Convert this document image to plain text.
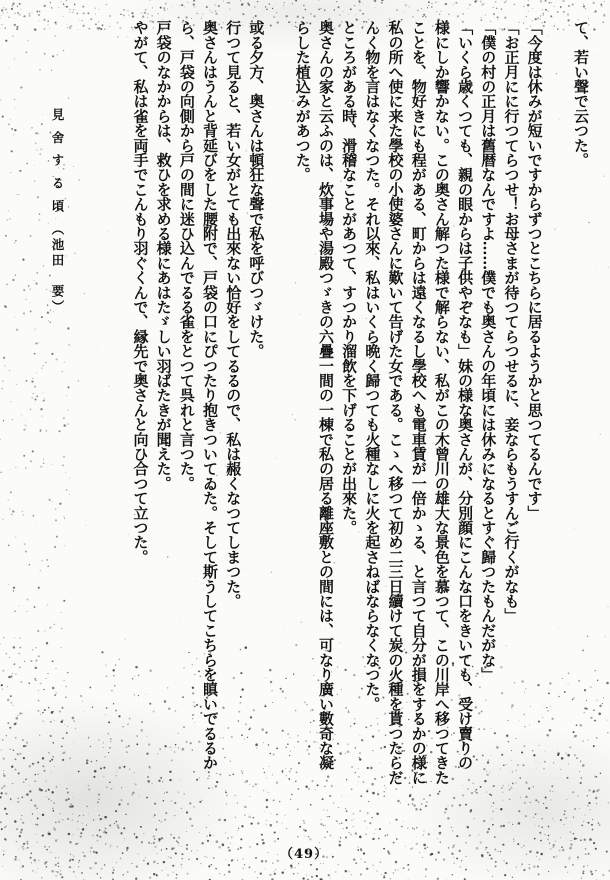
て、若い聲で云つた。
「今度は休みが短いですからずつとこちらに居るようかと思つてるんです」
「お正月にに行つてらつせ！お母さまが待つてらつせるに、妾ならもうすんご行くがなも」
「僕の村の正月は舊暦なんですよ……僕でも奥さんの年頃には休みになるとすぐ歸つたもんだがな」
「いくら歳くつても、親の眼からは子供やぞなも」妹の様な奥さんが、分別顔にこんな口をきいても、受け賣りの
様にしか響かない。この奥さん解つた様で解らない、私がこの木曾川の雄大な景色を慕つて、この川岸へ移つてきた
ことを、物好きにも程がある、町からは遠くなるし學校へも電車賃が一倍かゝる、と言つて自分が損をするかの様に
私の所へ使に来た學校の小使婆さんに歎いて告げた女である。こゝへ移つて初め二三日續けて炭の火種を貰つたらだ
んく物を言はなくなつた。それ以來、私はいくら晩く歸つても火種なしに火を起さねばならなくなつた。
ところがある時、滑稽なことがあつて、すつかり溜飲を下げることが出來た。
奥さんの家と云ふのは、炊事場や湯殿つゞきの六疊一間の一棟で私の居る離座敷との間には、可なり廣い數奇な凝
らした植込みがあつた。
或る夕方、奥さんは頓狂な聲で私を呼びつゞけた。
行つて見ると、若い女がとても出來ない恰好をしてるるので、私は赧くなつてしまつた。
奥さんはうんと背延びをした腰附で、戸袋の口にぴつたり抱きついてゐた。そして斯うしてこちらを瞋いでるるか
ら、戸袋の向側から戸の間に迷ひ込んでるる雀をとつて呉れと言つた。
戸袋のなかからは、救ひを求める様にあはたゞしい羽ばたきが聞えた。
やがて、私は雀を両手でこんもり羽ぐくんで、縁先で奥さんと向ひ合つて立つた。
見 舍 す る 頃 （池田　要）
（49）
